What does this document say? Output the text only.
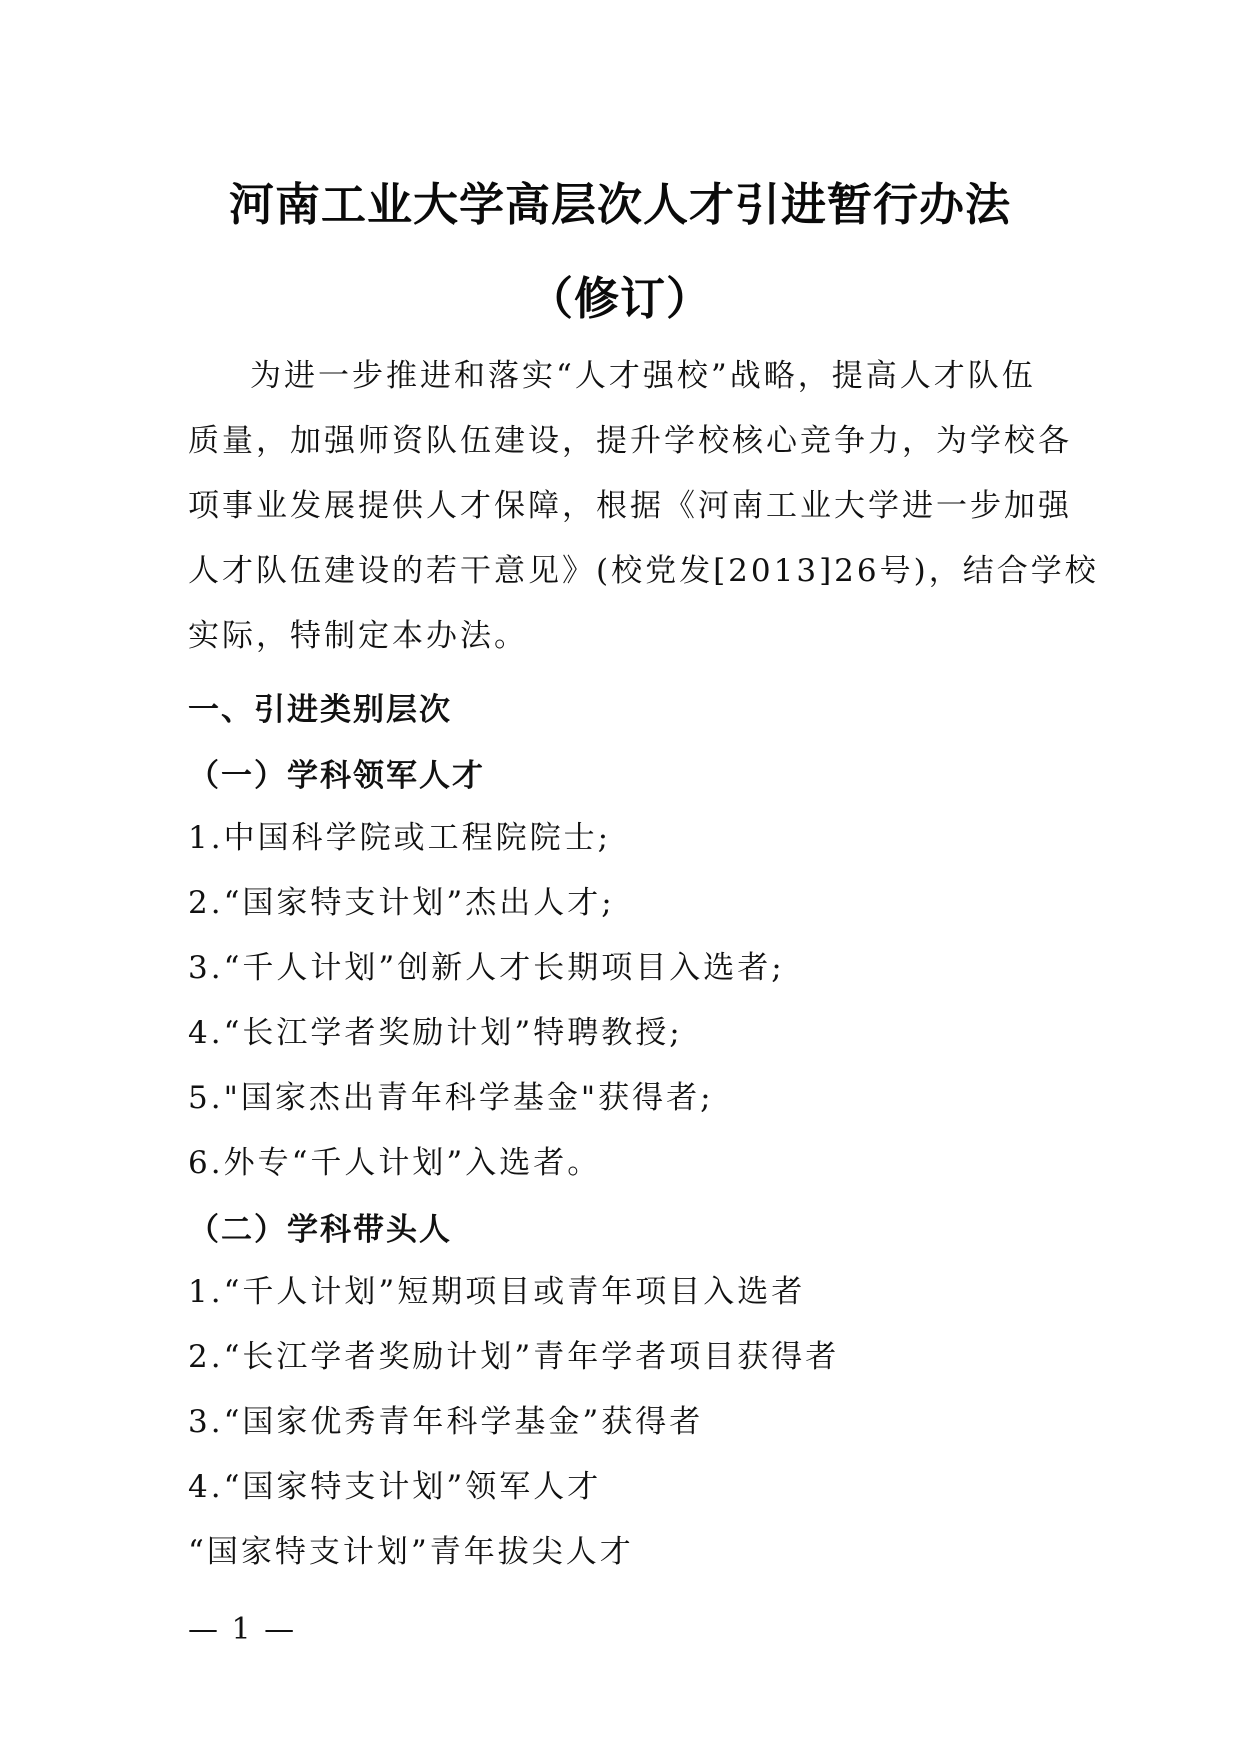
河南工业大学高层次人才引进暂行办法
（修订）
为进一步推进和落实“人才强校”战略，提高人才队伍
质量，加强师资队伍建设，提升学校核心竞争力，为学校各
项事业发展提供人才保障，根据《河南工业大学进一步加强
人才队伍建设的若干意见》(校党发[2013]26号)，结合学校
实际，特制定本办法。
一、引进类别层次
（一）学科领军人才
1.中国科学院或工程院院士;
2.“国家特支计划”杰出人才;
3.“千人计划”创新人才长期项目入选者;
4.“长江学者奖励计划”特聘教授;
5."国家杰出青年科学基金"获得者;
6.外专“千人计划”入选者。
（二）学科带头人
1.“千人计划”短期项目或青年项目入选者
2.“长江学者奖励计划”青年学者项目获得者
3.“国家优秀青年科学基金”获得者
4.“国家特支计划”领军人才
“国家特支计划”青年拔尖人才
— 1 —
